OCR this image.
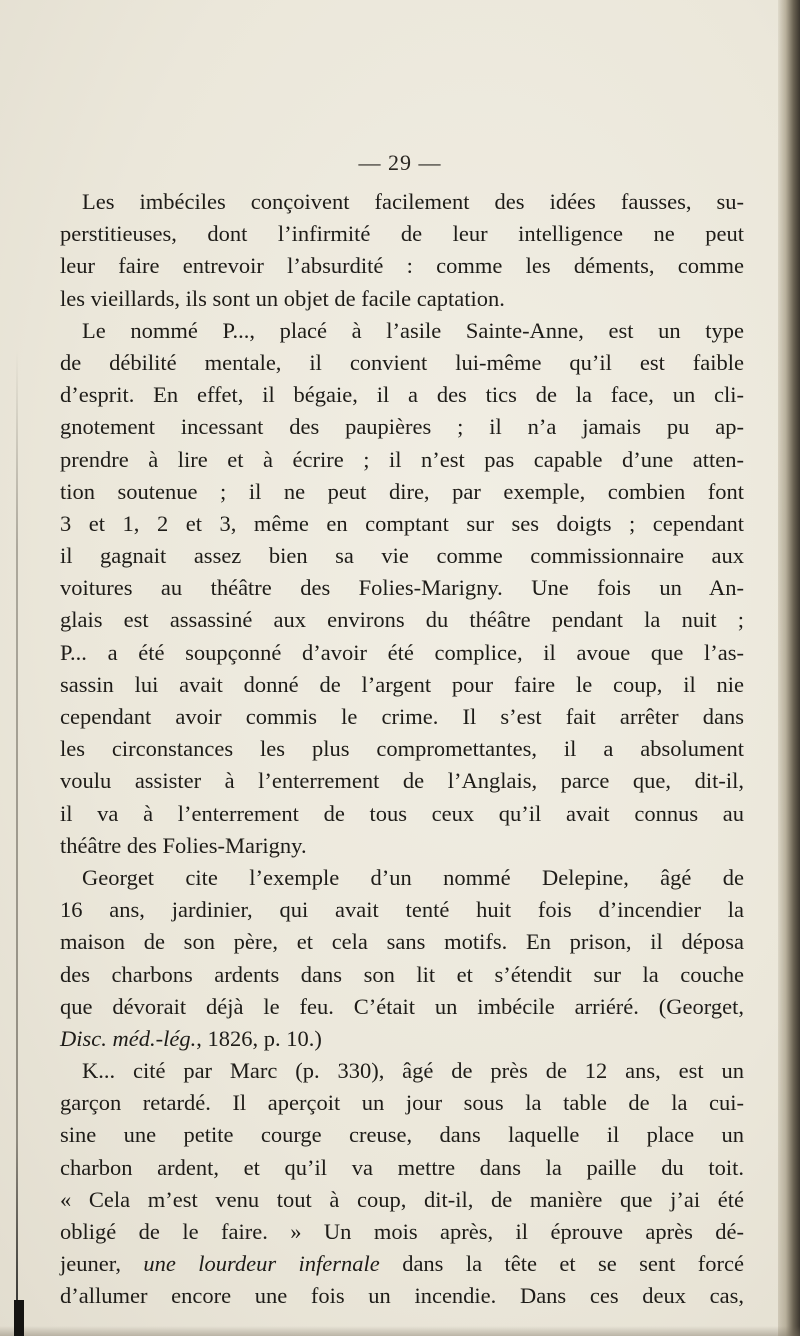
— 29 —
Les imbéciles conçoivent facilement des idées fausses, su-
perstitieuses, dont l’infirmité de leur intelligence ne peut
leur faire entrevoir l’absurdité : comme les déments, comme
les vieillards, ils sont un objet de facile captation.
Le nommé P..., placé à l’asile Sainte-Anne, est un type
de débilité mentale, il convient lui-même qu’il est faible
d’esprit. En effet, il bégaie, il a des tics de la face, un cli-
gnotement incessant des paupières ; il n’a jamais pu ap-
prendre à lire et à écrire ; il n’est pas capable d’une atten-
tion soutenue ; il ne peut dire, par exemple, combien font
3 et 1, 2 et 3, même en comptant sur ses doigts ; cependant
il gagnait assez bien sa vie comme commissionnaire aux
voitures au théâtre des Folies-Marigny. Une fois un An-
glais est assassiné aux environs du théâtre pendant la nuit ;
P... a été soupçonné d’avoir été complice, il avoue que l’as-
sassin lui avait donné de l’argent pour faire le coup, il nie
cependant avoir commis le crime. Il s’est fait arrêter dans
les circonstances les plus compromettantes, il a absolument
voulu assister à l’enterrement de l’Anglais, parce que, dit-il,
il va à l’enterrement de tous ceux qu’il avait connus au
théâtre des Folies-Marigny.
Georget cite l’exemple d’un nommé Delepine, âgé de
16 ans, jardinier, qui avait tenté huit fois d’incendier la
maison de son père, et cela sans motifs. En prison, il déposa
des charbons ardents dans son lit et s’étendit sur la couche
que dévorait déjà le feu. C’était un imbécile arriéré. (Georget,
Disc. méd.-lég., 1826, p. 10.)
K... cité par Marc (p. 330), âgé de près de 12 ans, est un
garçon retardé. Il aperçoit un jour sous la table de la cui-
sine une petite courge creuse, dans laquelle il place un
charbon ardent, et qu’il va mettre dans la paille du toit.
« Cela m’est venu tout à coup, dit-il, de manière que j’ai été
obligé de le faire. » Un mois après, il éprouve après dé-
jeuner, une lourdeur infernale dans la tête et se sent forcé
d’allumer encore une fois un incendie. Dans ces deux cas,
